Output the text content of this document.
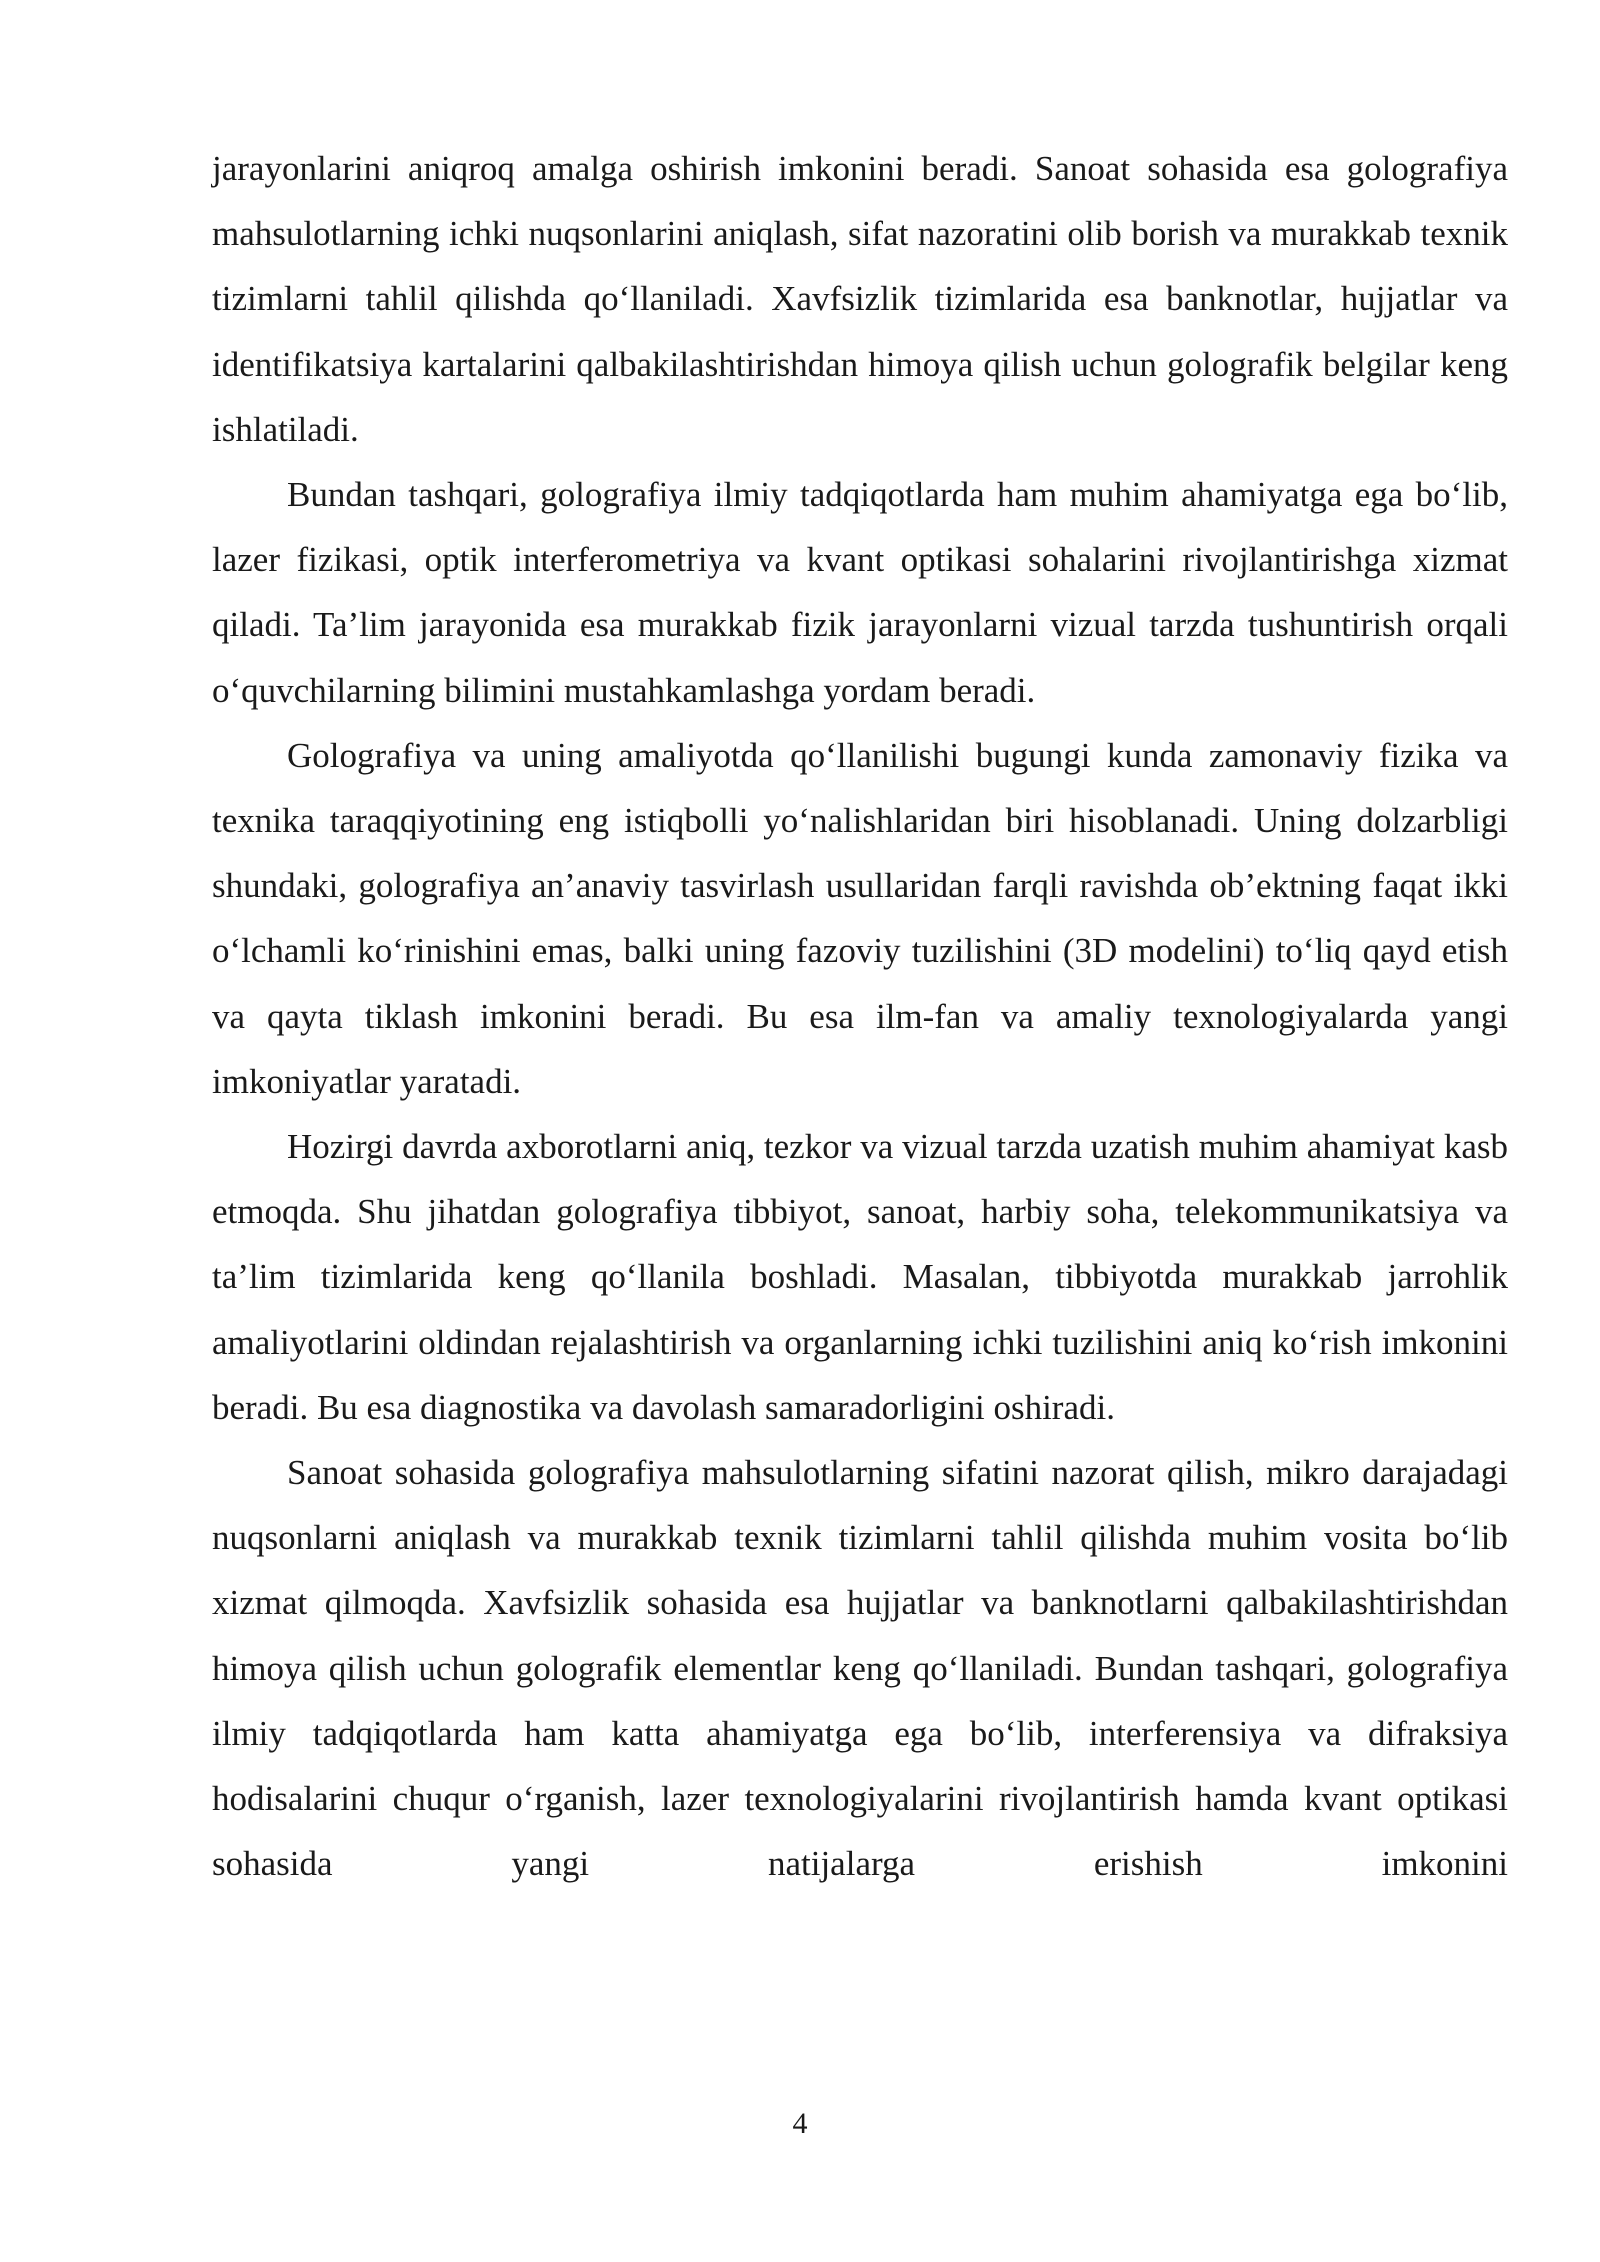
jarayonlarini aniqroq amalga oshirish imkonini beradi. Sanoat sohasida esa golografiya mahsulotlarning ichki nuqsonlarini aniqlash, sifat nazoratini olib borish va murakkab texnik tizimlarni tahlil qilishda qo‘llaniladi. Xavfsizlik tizimlarida esa banknotlar, hujjatlar va identifikatsiya kartalarini qalbakilashtirishdan himoya qilish uchun golografik belgilar keng ishlatiladi.

Bundan tashqari, golografiya ilmiy tadqiqotlarda ham muhim ahamiyatga ega bo‘lib, lazer fizikasi, optik interferometriya va kvant optikasi sohalarini rivojlantirishga xizmat qiladi. Ta’lim jarayonida esa murakkab fizik jarayonlarni vizual tarzda tushuntirish orqali o‘quvchilarning bilimini mustahkamlashga yordam beradi.

Golografiya va uning amaliyotda qo‘llanilishi bugungi kunda zamonaviy fizika va texnika taraqqiyotining eng istiqbolli yo‘nalishlaridan biri hisoblanadi. Uning dolzarbligi shundaki, golografiya an’anaviy tasvirlash usullaridan farqli ravishda ob’ektning faqat ikki o‘lchamli ko‘rinishini emas, balki uning fazoviy tuzilishini (3D modelini) to‘liq qayd etish va qayta tiklash imkonini beradi. Bu esa ilm-fan va amaliy texnologiyalarda yangi imkoniyatlar yaratadi.

Hozirgi davrda axborotlarni aniq, tezkor va vizual tarzda uzatish muhim ahamiyat kasb etmoqda. Shu jihatdan golografiya tibbiyot, sanoat, harbiy soha, telekommunikatsiya va ta’lim tizimlarida keng qo‘llanila boshladi. Masalan, tibbiyotda murakkab jarrohlik amaliyotlarini oldindan rejalashtirish va organlarning ichki tuzilishini aniq ko‘rish imkonini beradi. Bu esa diagnostika va davolash samaradorligini oshiradi.

Sanoat sohasida golografiya mahsulotlarning sifatini nazorat qilish, mikro darajadagi nuqsonlarni aniqlash va murakkab texnik tizimlarni tahlil qilishda muhim vosita bo‘lib xizmat qilmoqda. Xavfsizlik sohasida esa hujjatlar va banknotlarni qalbakilashtirishdan himoya qilish uchun golografik elementlar keng qo‘llaniladi. Bundan tashqari, golografiya ilmiy tadqiqotlarda ham katta ahamiyatga ega bo‘lib, interferensiya va difraksiya hodisalarini chuqur o‘rganish, lazer texnologiyalarini rivojlantirish hamda kvant optikasi sohasida yangi natijalarga erishish imkonini

4
